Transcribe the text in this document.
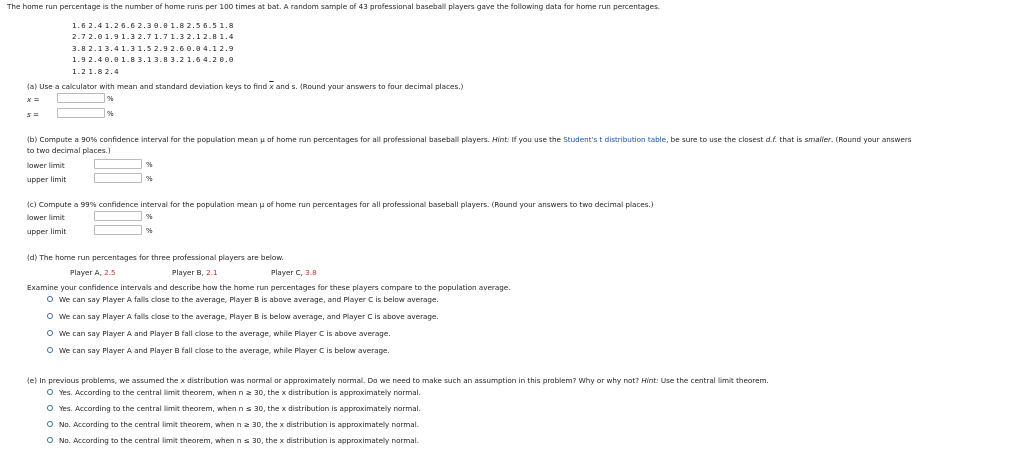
The home run percentage is the number of home runs per 100 times at bat. A random sample of 43 professional baseball players gave the following data for home run percentages.
1.6 2.4 1.2 6.6 2.3 0.0 1.8 2.5 6.5 1.8
2.7 2.0 1.9 1.3 2.7 1.7 1.3 2.1 2.8 1.4
3.8 2.1 3.4 1.3 1.5 2.9 2.6 0.0 4.1 2.9
1.9 2.4 0.0 1.8 3.1 3.8 3.2 1.6 4.2 0.0
1.2 1.8 2.4
(a) Use a calculator with mean and standard deviation keys to find $\overline{x}$ and s. (Round your answers to four decimal places.)
x =	%
s =	%
(b) Compute a 90% confidence interval for the population mean μ of home run percentages for all professional baseball players. Hint: If you use the Student's t distribution table, be sure to use the closest d.f. that is smaller. (Round your answers
to two decimal places.)
lower limit	%
upper limit	%
(c) Compute a 99% confidence interval for the population mean μ of home run percentages for all professional baseball players. (Round your answers to two decimal places.)
lower limit	%
upper limit	%
(d) The home run percentages for three professional players are below.
Player A, 2.5	Player B, 2.1	Player C, 3.8
Examine your confidence intervals and describe how the home run percentages for these players compare to the population average.
We can say Player A falls close to the average, Player B is above average, and Player C is below average.
We can say Player A falls close to the average, Player B is below average, and Player C is above average.
We can say Player A and Player B fall close to the average, while Player C is above average.
We can say Player A and Player B fall close to the average, while Player C is below average.
(e) In previous problems, we assumed the x distribution was normal or approximately normal. Do we need to make such an assumption in this problem? Why or why not? Hint: Use the central limit theorem.
Yes. According to the central limit theorem, when n ≥ 30, the x distribution is approximately normal.
Yes. According to the central limit theorem, when n ≤ 30, the x distribution is approximately normal.
No. According to the central limit theorem, when n ≥ 30, the x distribution is approximately normal.
No. According to the central limit theorem, when n ≤ 30, the x distribution is approximately normal.
